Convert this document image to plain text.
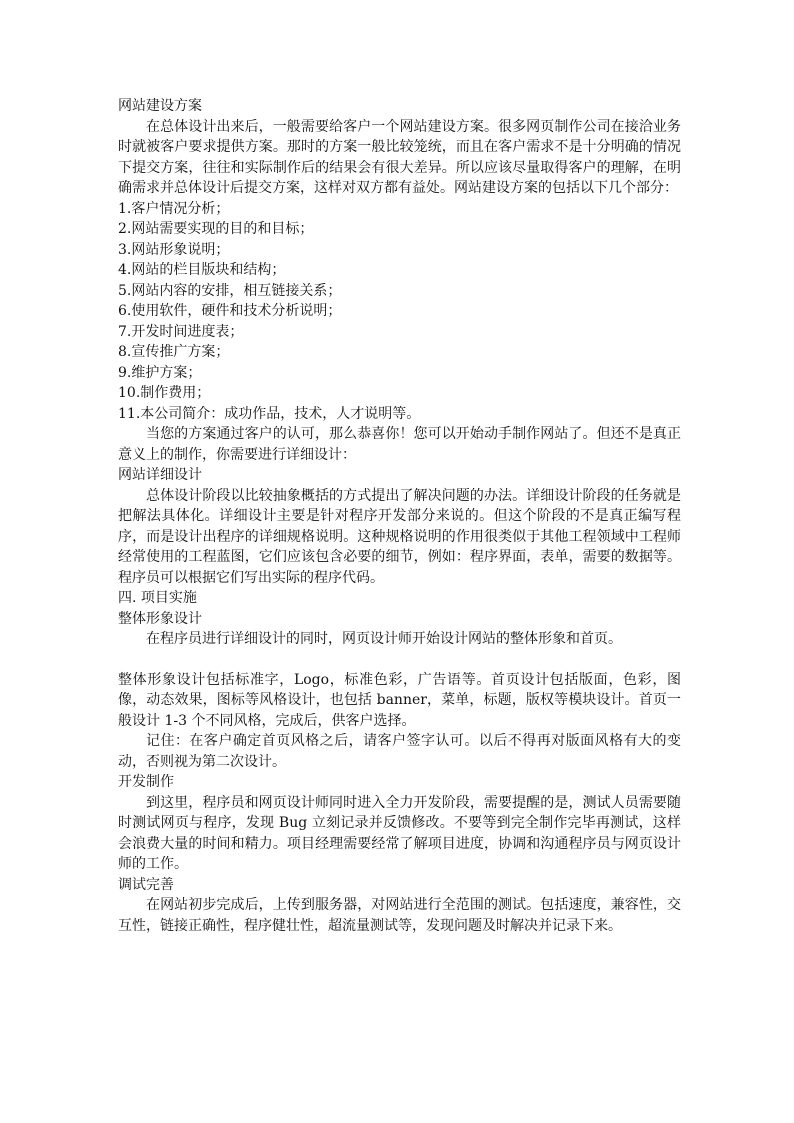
网站建设方案

在总体设计出来后，一般需要给客户一个网站建设方案。很多网页制作公司在接洽业务时就被客户要求提供方案。那时的方案一般比较笼统，而且在客户需求不是十分明确的情况下提交方案，往往和实际制作后的结果会有很大差异。所以应该尽量取得客户的理解，在明确需求并总体设计后提交方案，这样对双方都有益处。网站建设方案的包括以下几个部分：

1.客户情况分析；
2.网站需要实现的目的和目标；
3.网站形象说明；
4.网站的栏目版块和结构；
5.网站内容的安排，相互链接关系；
6.使用软件，硬件和技术分析说明；
7.开发时间进度表；
8.宣传推广方案；
9.维护方案；
10.制作费用；
11.本公司简介：成功作品，技术，人才说明等。

当您的方案通过客户的认可，那么恭喜你！您可以开始动手制作网站了。但还不是真正意义上的制作，你需要进行详细设计：

网站详细设计

总体设计阶段以比较抽象概括的方式提出了解决问题的办法。详细设计阶段的任务就是把解法具体化。详细设计主要是针对程序开发部分来说的。但这个阶段的不是真正编写程序，而是设计出程序的详细规格说明。这种规格说明的作用很类似于其他工程领域中工程师经常使用的工程蓝图，它们应该包含必要的细节，例如：程序界面，表单，需要的数据等。程序员可以根据它们写出实际的程序代码。

四. 项目实施

整体形象设计

在程序员进行详细设计的同时，网页设计师开始设计网站的整体形象和首页。

整体形象设计包括标准字，Logo，标准色彩，广告语等。首页设计包括版面，色彩，图像，动态效果，图标等风格设计，也包括 banner，菜单，标题，版权等模块设计。首页一般设计 1-3 个不同风格，完成后，供客户选择。

记住：在客户确定首页风格之后，请客户签字认可。以后不得再对版面风格有大的变动，否则视为第二次设计。

开发制作

到这里，程序员和网页设计师同时进入全力开发阶段，需要提醒的是，测试人员需要随时测试网页与程序，发现 Bug 立刻记录并反馈修改。不要等到完全制作完毕再测试，这样会浪费大量的时间和精力。项目经理需要经常了解项目进度，协调和沟通程序员与网页设计师的工作。

调试完善

在网站初步完成后，上传到服务器，对网站进行全范围的测试。包括速度，兼容性，交互性，链接正确性，程序健壮性，超流量测试等，发现问题及时解决并记录下来。
